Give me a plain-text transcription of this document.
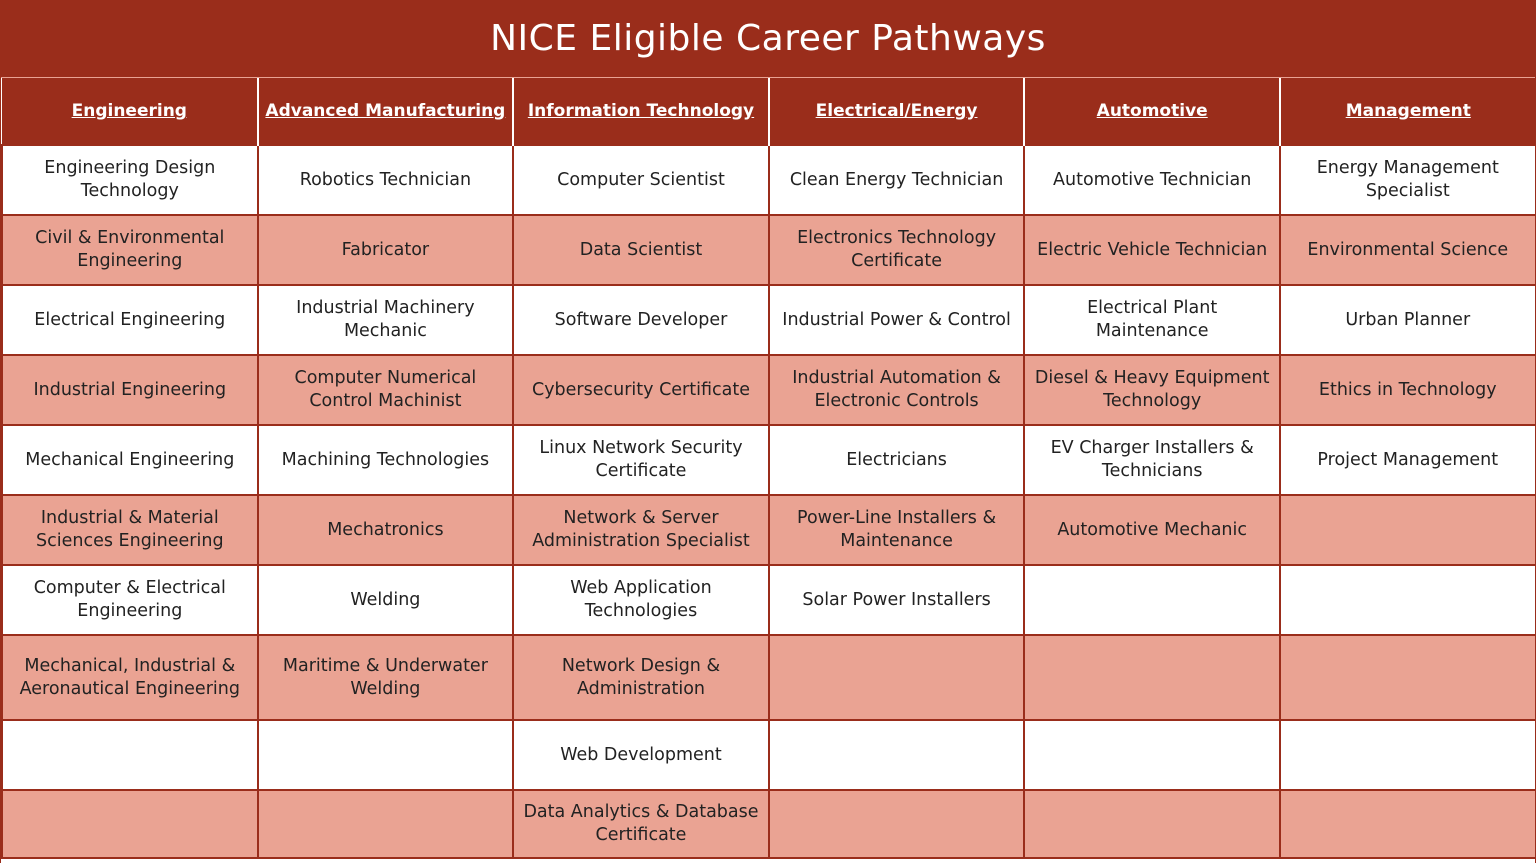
NICE Eligible Career Pathways
Engineering	Advanced Manufacturing	Information Technology	Electrical/Energy	Automotive	Management
Engineering Design Technology	Robotics Technician	Computer Scientist	Clean Energy Technician	Automotive Technician	Energy Management Specialist
Civil & Environmental Engineering	Fabricator	Data Scientist	Electronics Technology Certificate	Electric Vehicle Technician	Environmental Science
Electrical Engineering	Industrial Machinery Mechanic	Software Developer	Industrial Power & Control	Electrical Plant Maintenance	Urban Planner
Industrial Engineering	Computer Numerical Control Machinist	Cybersecurity Certificate	Industrial Automation & Electronic Controls	Diesel & Heavy Equipment Technology	Ethics in Technology
Mechanical Engineering	Machining Technologies	Linux Network Security Certificate	Electricians	EV Charger Installers & Technicians	Project Management
Industrial & Material Sciences Engineering	Mechatronics	Network & Server Administration Specialist	Power-Line Installers & Maintenance	Automotive Mechanic	
Computer & Electrical Engineering	Welding	Web Application Technologies	Solar Power Installers		
Mechanical, Industrial & Aeronautical Engineering	Maritime & Underwater Welding	Network Design & Administration			
		Web Development			
		Data Analytics & Database Certificate			
